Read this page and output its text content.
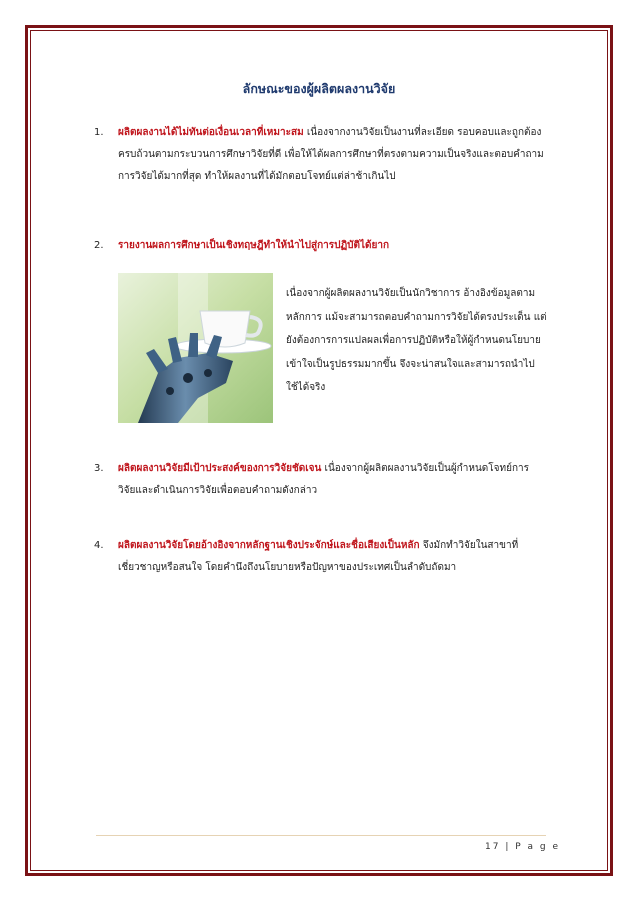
ลักษณะของผู้ผลิตผลงานวิจัย
1. ผลิตผลงานได้ไม่ทันต่อเงื่อนเวลาที่เหมาะสม เนื่องจากงานวิจัยเป็นงานที่ละเอียด รอบคอบและถูกต้องครบถ้วนตามกระบวนการศึกษาวิจัยที่ดี เพื่อให้ได้ผลการศึกษาที่ตรงตามความเป็นจริงและตอบคำถามการวิจัยได้มากที่สุด ทำให้ผลงานที่ได้มักตอบโจทย์แต่ล่าช้าเกินไป
2. รายงานผลการศึกษาเป็นเชิงทฤษฎีทำให้นำไปสู่การปฏิบัติได้ยาก
เนื่องจากผู้ผลิตผลงานวิจัยเป็นนักวิชาการ อ้างอิงข้อมูลตามหลักการ แม้จะสามารถตอบคำถามการวิจัยได้ตรงประเด็น แต่ยังต้องการการแปลผลเพื่อการปฏิบัติหรือให้ผู้กำหนดนโยบายเข้าใจเป็นรูปธรรมมากขึ้น จึงจะน่าสนใจและสามารถนำไปใช้ได้จริง
3. ผลิตผลงานวิจัยมีเป้าประสงค์ของการวิจัยชัดเจน เนื่องจากผู้ผลิตผลงานวิจัยเป็นผู้กำหนดโจทย์การวิจัยและดำเนินการวิจัยเพื่อตอบคำถามดังกล่าว
4. ผลิตผลงานวิจัยโดยอ้างอิงจากหลักฐานเชิงประจักษ์และชื่อเสียงเป็นหลัก จึงมักทำวิจัยในสาขาที่เชี่ยวชาญหรือสนใจ โดยคำนึงถึงนโยบายหรือปัญหาของประเทศเป็นลำดับถัดมา
17 | P a g e
